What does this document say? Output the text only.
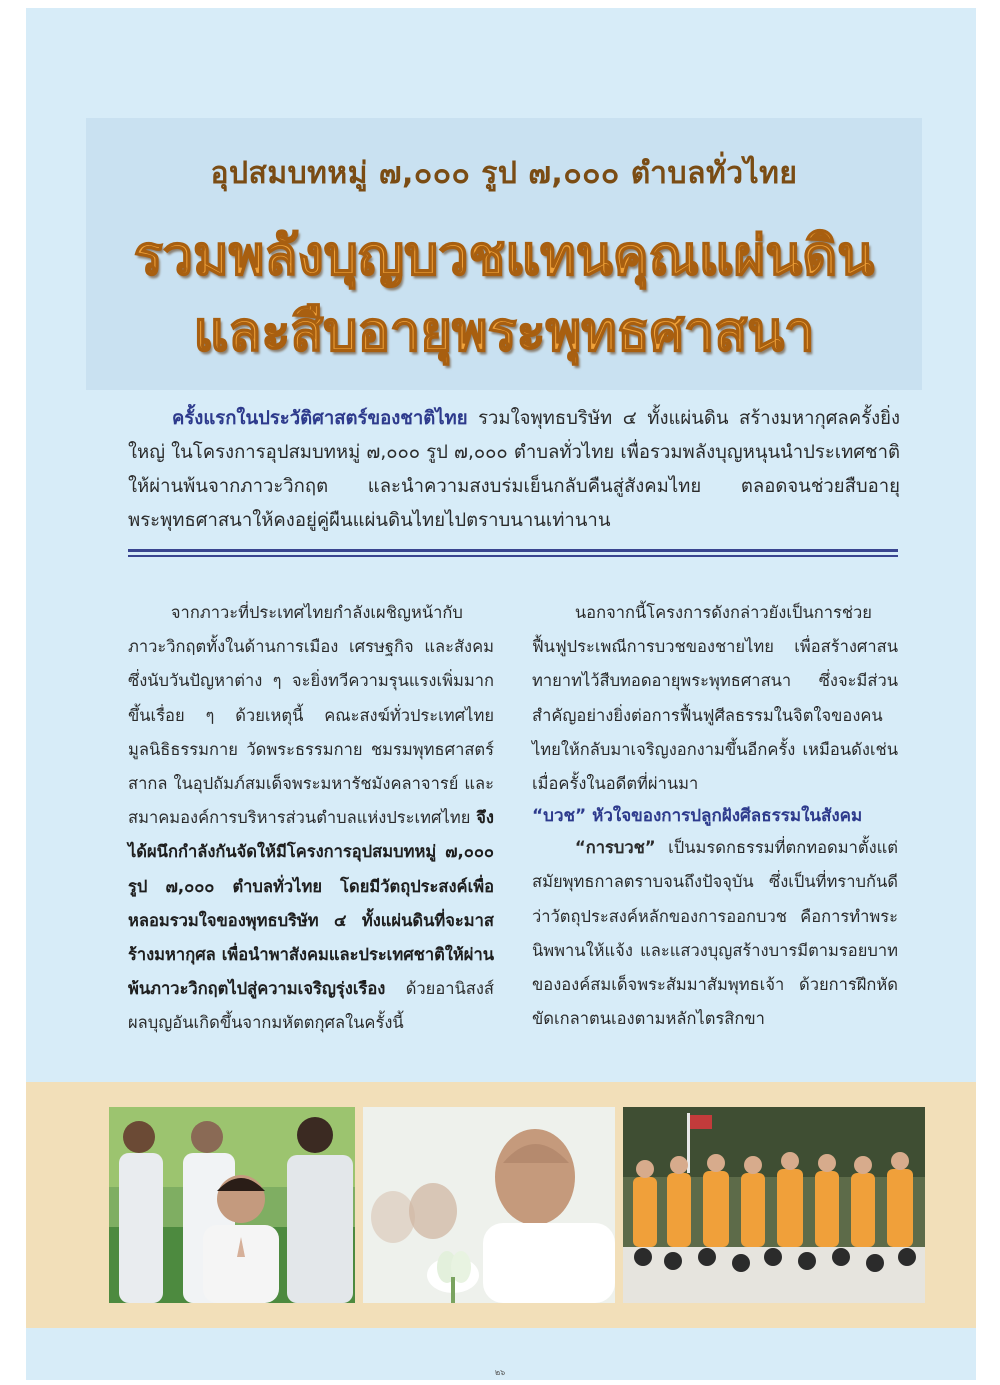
อุปสมบทหมู่ ๗,๐๐๐ รูป ๗,๐๐๐ ตำบลทั่วไทย
รวมพลังบุญบวชแทนคุณแผ่นดิน
และสืบอายุพระพุทธศาสนา
ครั้งแรกในประวัติศาสตร์ของชาติไทย รวมใจพุทธบริษัท ๔ ทั้งแผ่นดิน สร้างมหากุศลครั้งยิ่งใหญ่ ในโครงการอุปสมบทหมู่ ๗,๐๐๐ รูป ๗,๐๐๐ ตำบลทั่วไทย เพื่อรวมพลังบุญหนุนนำประเทศชาติให้ผ่านพ้นจากภาวะวิกฤต และนำความสงบร่มเย็นกลับคืนสู่สังคมไทย ตลอดจนช่วยสืบอายุพระพุทธศาสนาให้คงอยู่คู่ผืนแผ่นดินไทยไปตราบนานเท่านาน

จากภาวะที่ประเทศไทยกำลังเผชิญหน้ากับภาวะวิกฤตทั้งในด้านการเมือง เศรษฐกิจ และสังคม ซึ่งนับวันปัญหาต่าง ๆ จะยิ่งทวีความรุนแรงเพิ่มมากขึ้นเรื่อย ๆ ด้วยเหตุนี้ คณะสงฆ์ทั่วประเทศไทย มูลนิธิธรรมกาย วัดพระธรรมกาย ชมรมพุทธศาสตร์สากล ในอุปถัมภ์สมเด็จพระมหารัชมังคลาจารย์ และสมาคมองค์การบริหารส่วนตำบลแห่งประเทศไทย จึงได้ผนึกกำลังกันจัดให้มีโครงการอุปสมบทหมู่ ๗,๐๐๐ รูป ๗,๐๐๐ ตำบลทั่วไทย โดยมีวัตถุประสงค์เพื่อหลอมรวมใจของพุทธบริษัท ๔ ทั้งแผ่นดินที่จะมาสร้างมหากุศล เพื่อนำพาสังคมและประเทศชาติให้ผ่านพ้นภาวะวิกฤตไปสู่ความเจริญรุ่งเรือง ด้วยอานิสงส์ผลบุญอันเกิดขึ้นจากมหัตตกุศลในครั้งนี้

นอกจากนี้โครงการดังกล่าวยังเป็นการช่วยฟื้นฟูประเพณีการบวชของชายไทย เพื่อสร้างศาสนทายาทไว้สืบทอดอายุพระพุทธศาสนา ซึ่งจะมีส่วนสำคัญอย่างยิ่งต่อการฟื้นฟูศีลธรรมในจิตใจของคนไทยให้กลับมาเจริญงอกงามขึ้นอีกครั้ง เหมือนดังเช่นเมื่อครั้งในอดีตที่ผ่านมา

“บวช” หัวใจของการปลูกฝังศีลธรรมในสังคม

“การบวช” เป็นมรดกธรรมที่ตกทอดมาตั้งแต่สมัยพุทธกาลตราบจนถึงปัจจุบัน ซึ่งเป็นที่ทราบกันดีว่าวัตถุประสงค์หลักของการออกบวช คือการทำพระนิพพานให้แจ้ง และแสวงบุญสร้างบารมีตามรอยบาทขององค์สมเด็จพระสัมมาสัมพุทธเจ้า ด้วยการฝึกหัดขัดเกลาตนเองตามหลักไตรสิกขา

๒๖
